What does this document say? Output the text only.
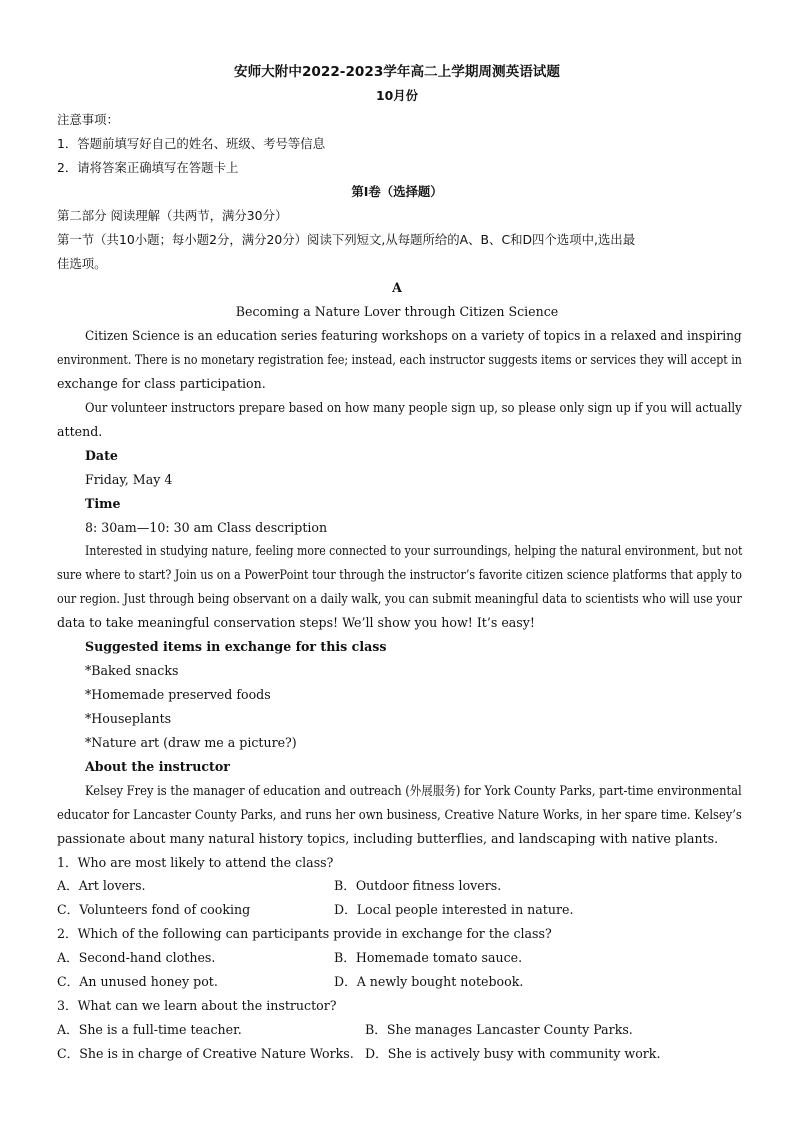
安师大附中2022-2023学年高二上学期周测英语试题
10月份
注意事项：
1．答题前填写好自己的姓名、班级、考号等信息
2．请将答案正确填写在答题卡上
第I卷（选择题）
第二部分 阅读理解（共两节，满分30分）
第一节（共10小题；每小题2分，满分20分）阅读下列短文,从每题所给的A、B、C和D四个选项中,选出最
佳选项。
A
Becoming a Nature Lover through Citizen Science
Citizen Science is an education series featuring workshops on a variety of topics in a relaxed and inspiring
environment. There is no monetary registration fee; instead, each instructor suggests items or services they will accept in
exchange for class participation.
Our volunteer instructors prepare based on how many people sign up, so please only sign up if you will actually
attend.
Date
Friday, May 4
Time
8: 30am—10: 30 am Class description
Interested in studying nature, feeling more connected to your surroundings, helping the natural environment, but not
sure where to start? Join us on a PowerPoint tour through the instructor’s favorite citizen science platforms that apply to
our region. Just through being observant on a daily walk, you can submit meaningful data to scientists who will use your
data to take meaningful conservation steps! We’ll show you how! It’s easy!
Suggested items in exchange for this class
*Baked snacks
*Homemade preserved foods
*Houseplants
*Nature art (draw me a picture?)
About the instructor
Kelsey Frey is the manager of education and outreach (外展服务) for York County Parks, part-time environmental
educator for Lancaster County Parks, and runs her own business, Creative Nature Works, in her spare time. Kelsey’s
passionate about many natural history topics, including butterflies, and landscaping with native plants.
1．Who are most likely to attend the class?
A．Art lovers.	B．Outdoor fitness lovers.
C．Volunteers fond of cooking	D．Local people interested in nature.
2．Which of the following can participants provide in exchange for the class?
A．Second-hand clothes.	B．Homemade tomato sauce.
C．An unused honey pot.	D．A newly bought notebook.
3．What can we learn about the instructor?
A．She is a full-time teacher.	B．She manages Lancaster County Parks.
C．She is in charge of Creative Nature Works. D．She is actively busy with community work.
